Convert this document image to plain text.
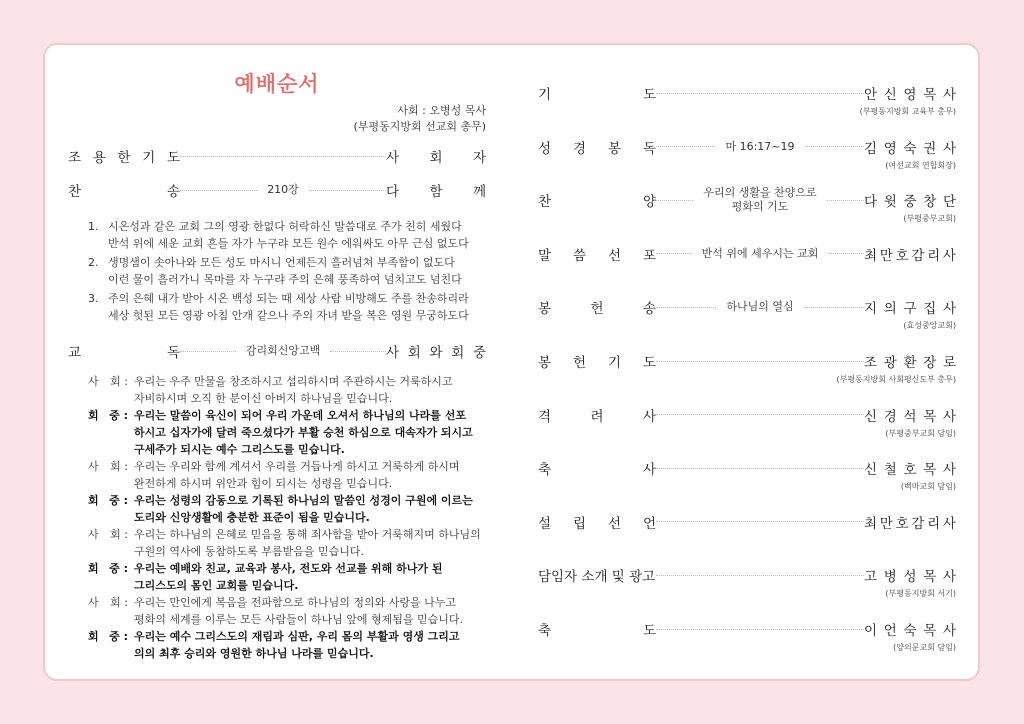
예배순서
사회 : 오병성 목사
(부평동지방회 선교회 총무)
조 용 한 기 도	사 회 자
찬	송	210장	다 함 께
1. 시온성과 같은 교회 그의 영광 한없다 허락하신 말씀대로 주가 친히 세웠다
반석 위에 세운 교회 흔들 자가 누구랴 모든 원수 에워싸도 아무 근심 없도다
2. 생명샘이 솟아나와 모든 성도 마시니 언제든지 흘러넘쳐 부족함이 없도다
이런 물이 흘러가니 목마를 자 누구랴 주의 은혜 풍족하여 넘치고도 넘친다
3. 주의 은혜 내가 받아 시온 백성 되는 때 세상 사람 비방해도 주를 찬송하리라
세상 헛된 모든 영광 아침 안개 같으나 주의 자녀 받을 복은 영원 무궁하도다
교	독	감리회신앙고백	사 회 와 회 중
사 회 : 우리는 우주 만물을 창조하시고 섭리하시며 주관하시는 거룩하시고
자비하시며 오직 한 분이신 아버지 하나님을 믿습니다.
회 중 : 우리는 말씀이 육신이 되어 우리 가운데 오셔서 하나님의 나라를 선포
하시고 십자가에 달려 죽으셨다가 부활 승천 하심으로 대속자가 되시고
구세주가 되시는 예수 그리스도를 믿습니다.
사 회 : 우리는 우리와 함께 계셔서 우리를 거듭나게 하시고 거룩하게 하시며
완전하게 하시며 위안과 힘이 되시는 성령을 믿습니다.
회 중 : 우리는 성령의 감동으로 기록된 하나님의 말씀인 성경이 구원에 이르는
도리와 신앙생활에 충분한 표준이 됨을 믿습니다.
사 회 : 우리는 하나님의 은혜로 믿음을 통해 죄사함을 받아 거룩해지며 하나님의
구원의 역사에 동참하도록 부름받음을 믿습니다.
회 중 : 우리는 예배와 친교, 교육과 봉사, 전도와 선교를 위해 하나가 된
그리스도의 몸인 교회를 믿습니다.
사 회 : 우리는 만인에게 복음을 전파함으로 하나님의 정의와 사랑을 나누고
평화의 세계를 이루는 모든 사람들이 하나님 앞에 형제됨을 믿습니다.
회 중 : 우리는 예수 그리스도의 재림과 심판, 우리 몸의 부활과 영생 그리고
의의 최후 승리와 영원한 하나님 나라를 믿습니다.
기	도	안 신 영 목 사
(부평동지방회 교육부 총무)
성 경 봉 독	마 16:17~19	김 영 숙 권 사
(여선교회 연합회장)
찬	양
우리의 생활을 찬양으로
평화의 기도	다 윗 중 창 단
(부평중부교회)
말 씀 선 포	반석 위에 세우시는 교회	최 만 호 감 리 사
봉	헌	송	하나님의 열심	지 의 구 집 사
(효성중앙교회)
봉 헌 기 도	조 광 환 장 로
(부평동지방회 사회평신도부 총무)
격	려	사	신 경 석 목 사
(부평중부교회 담임)
축	사	신 철 호 목 사
(백마교회 담임)
설 립 선 언	최 만 호 감 리 사
담임자 소개 및 광고	고 병 성 목 사
(부평동지방회 서기)
축	도	이 언 숙 목 사
(양의문교회 담임)
